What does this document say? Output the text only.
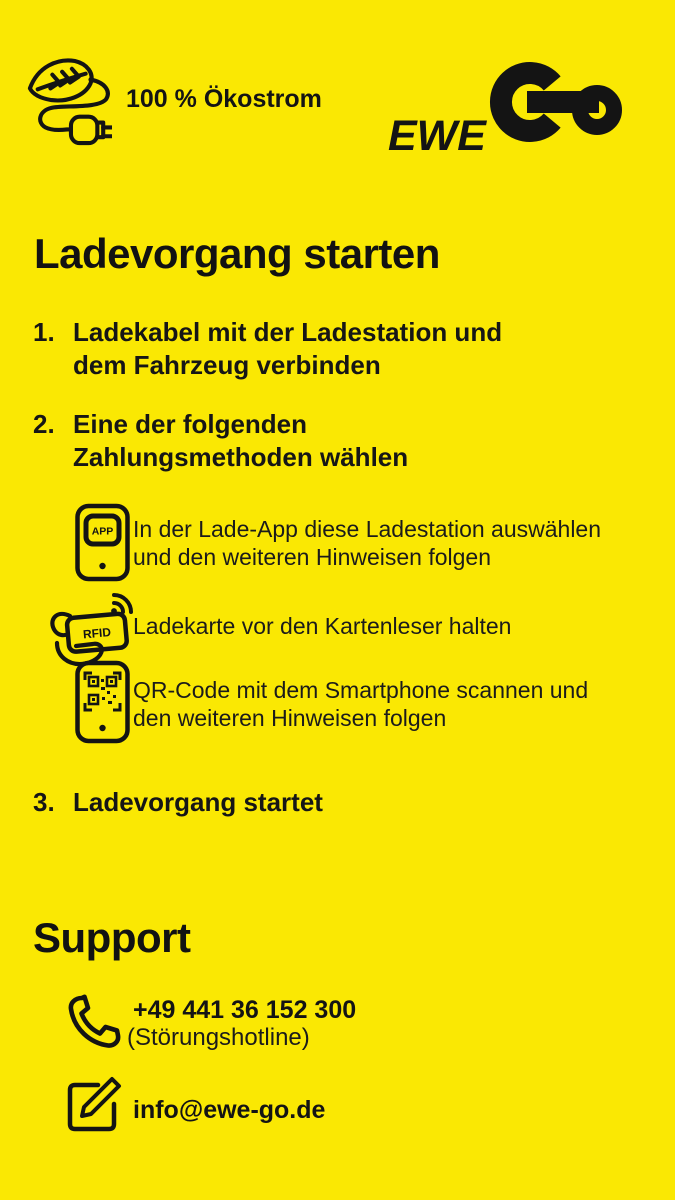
100 % Ökostrom
EWE
Ladevorgang starten
1. Ladekabel mit der Ladestation und
dem Fahrzeug verbinden
2. Eine der folgenden
Zahlungsmethoden wählen
APP In der Lade-App diese Ladestation auswählen
und den weiteren Hinweisen folgen
RFID Ladekarte vor den Kartenleser halten
QR-Code mit dem Smartphone scannen und
den weiteren Hinweisen folgen
3. Ladevorgang startet
Support
+49 441 36 152 300
(Störungshotline)
info@ewe-go.de
